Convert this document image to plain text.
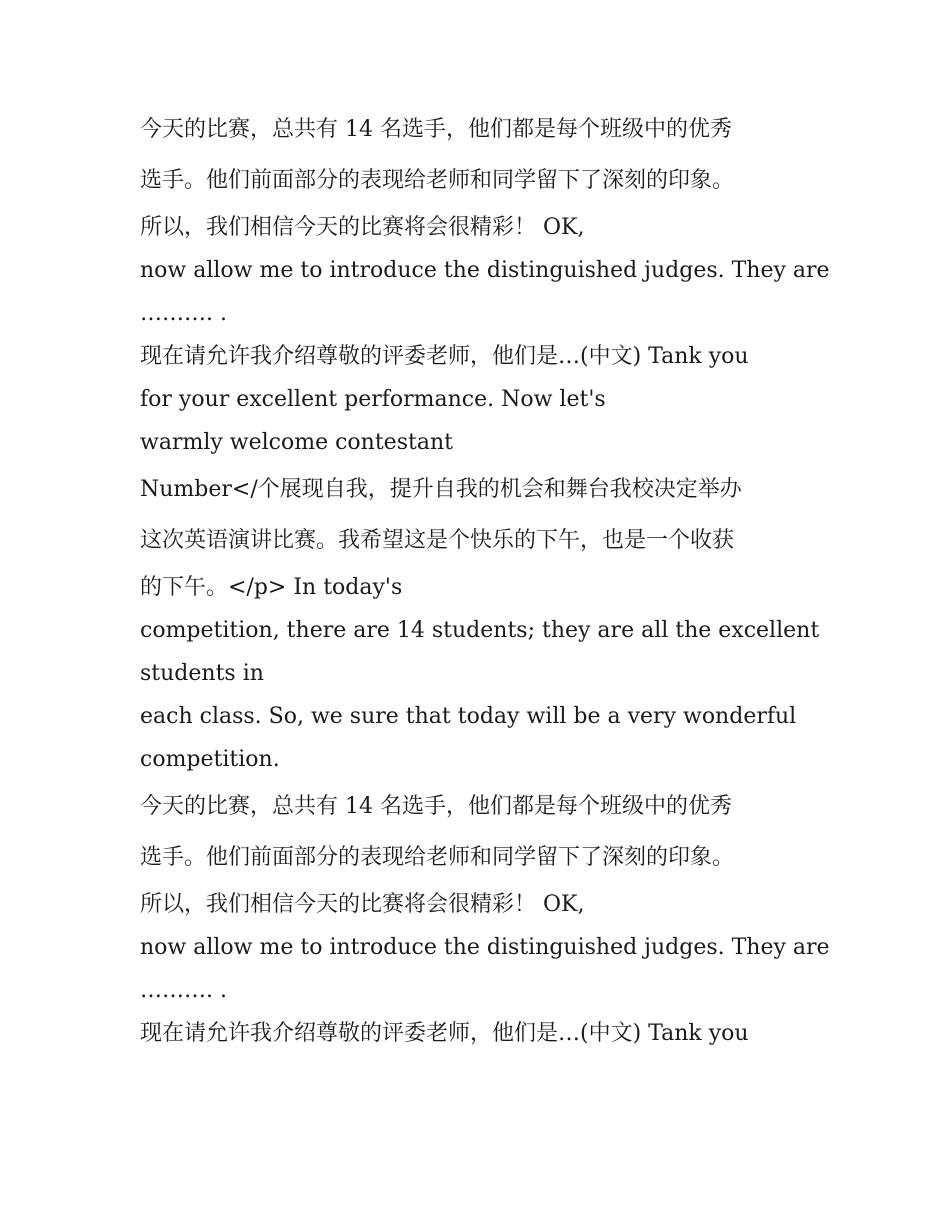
今天的比赛，总共有 14 名选手，他们都是每个班级中的优秀
选手。他们前面部分的表现给老师和同学留下了深刻的印象。
所以，我们相信今天的比赛将会很精彩！ OK,
now allow me to introduce the distinguished judges. They are
………. .
现在请允许我介绍尊敬的评委老师，他们是…(中文) Tank you
for your excellent performance. Now let's
warmly welcome contestant
Number</个展现自我，提升自我的机会和舞台我校决定举办
这次英语演讲比赛。我希望这是个快乐的下午，也是一个收获
的下午。</p> In today's
competition, there are 14 students; they are all the excellent
students in
each class. So, we sure that today will be a very wonderful
competition.
今天的比赛，总共有 14 名选手，他们都是每个班级中的优秀
选手。他们前面部分的表现给老师和同学留下了深刻的印象。
所以，我们相信今天的比赛将会很精彩！ OK,
now allow me to introduce the distinguished judges. They are
………. .
现在请允许我介绍尊敬的评委老师，他们是…(中文) Tank you
